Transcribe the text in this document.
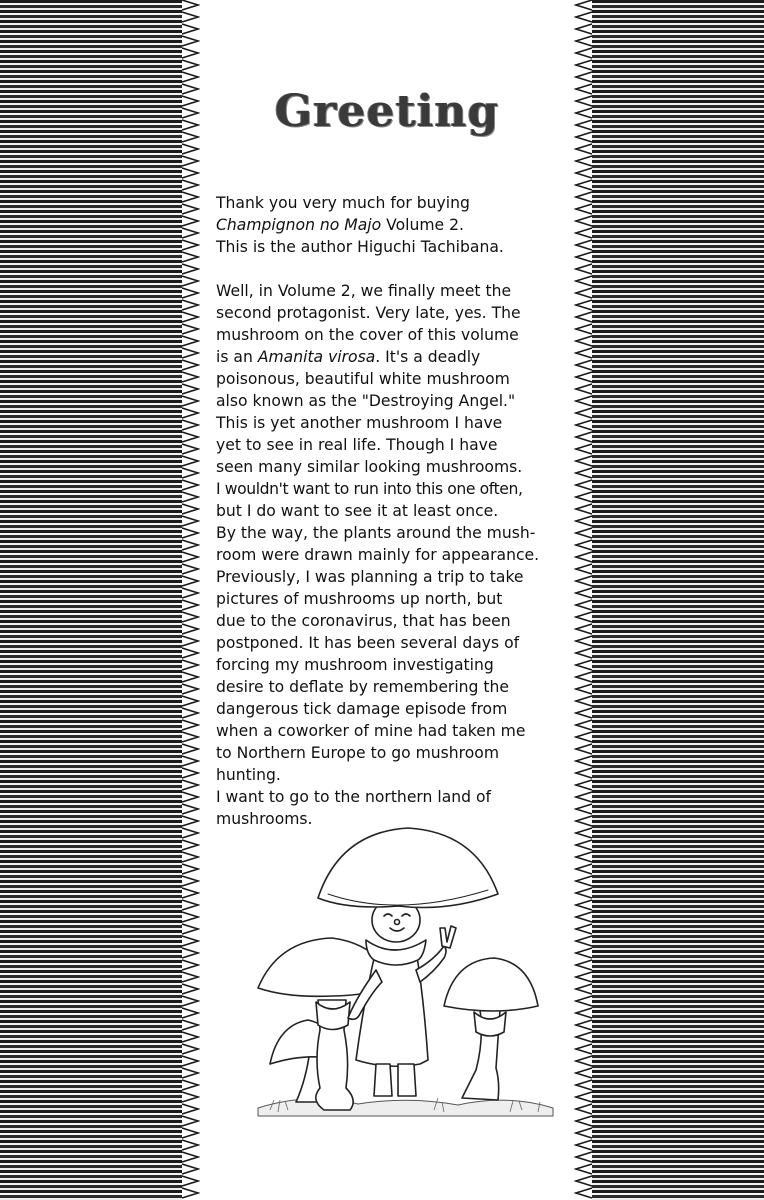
Greeting
Thank you very much for buying
Champignon no Majo Volume 2.
This is the author Higuchi Tachibana.
Well, in Volume 2, we finally meet the
second protagonist. Very late, yes. The
mushroom on the cover of this volume
is an Amanita virosa. It's a deadly
poisonous, beautiful white mushroom
also known as the "Destroying Angel."
This is yet another mushroom I have
yet to see in real life. Though I have
seen many similar looking mushrooms.
I wouldn't want to run into this one often,
but I do want to see it at least once.
By the way, the plants around the mush-
room were drawn mainly for appearance.
Previously, I was planning a trip to take
pictures of mushrooms up north, but
due to the coronavirus, that has been
postponed. It has been several days of
forcing my mushroom investigating
desire to deflate by remembering the
dangerous tick damage episode from
when a coworker of mine had taken me
to Northern Europe to go mushroom
hunting.
I want to go to the northern land of
mushrooms.
